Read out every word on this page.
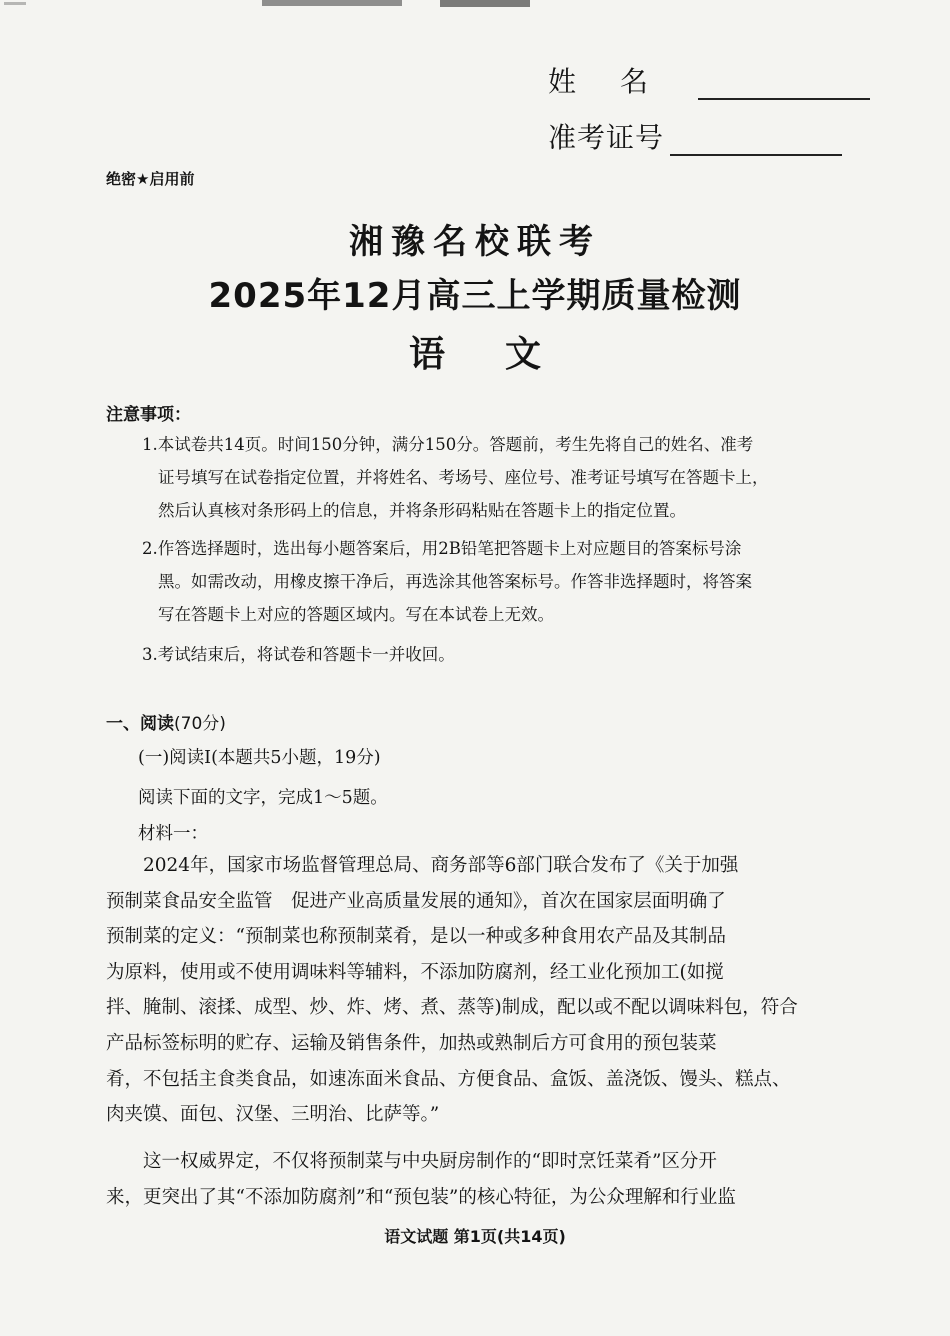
姓名
准考证号
绝密★启用前
湘豫名校联考
2025年12月高三上学期质量检测
语文
注意事项：
1.本试卷共14页。时间150分钟，满分150分。答题前，考生先将自己的姓名、准考
证号填写在试卷指定位置，并将姓名、考场号、座位号、准考证号填写在答题卡上，
然后认真核对条形码上的信息，并将条形码粘贴在答题卡上的指定位置。
2.作答选择题时，选出每小题答案后，用2B铅笔把答题卡上对应题目的答案标号涂
黑。如需改动，用橡皮擦干净后，再选涂其他答案标号。作答非选择题时，将答案
写在答题卡上对应的答题区域内。写在本试卷上无效。
3.考试结束后，将试卷和答题卡一并收回。
一、阅读(70分)
(一)阅读Ⅰ(本题共5小题，19分)
阅读下面的文字，完成1～5题。
材料一：
　　2024年，国家市场监督管理总局、商务部等6部门联合发布了《关于加强
预制菜食品安全监管　促进产业高质量发展的通知》，首次在国家层面明确了
预制菜的定义：“预制菜也称预制菜肴，是以一种或多种食用农产品及其制品
为原料，使用或不使用调味料等辅料，不添加防腐剂，经工业化预加工(如搅
拌、腌制、滚揉、成型、炒、炸、烤、煮、蒸等)制成，配以或不配以调味料包，符合
产品标签标明的贮存、运输及销售条件，加热或熟制后方可食用的预包装菜
肴，不包括主食类食品，如速冻面米食品、方便食品、盒饭、盖浇饭、馒头、糕点、
肉夹馍、面包、汉堡、三明治、比萨等。”
　　这一权威界定，不仅将预制菜与中央厨房制作的“即时烹饪菜肴”区分开
来，更突出了其“不添加防腐剂”和“预包装”的核心特征，为公众理解和行业监
语文试题 第1页(共14页)
